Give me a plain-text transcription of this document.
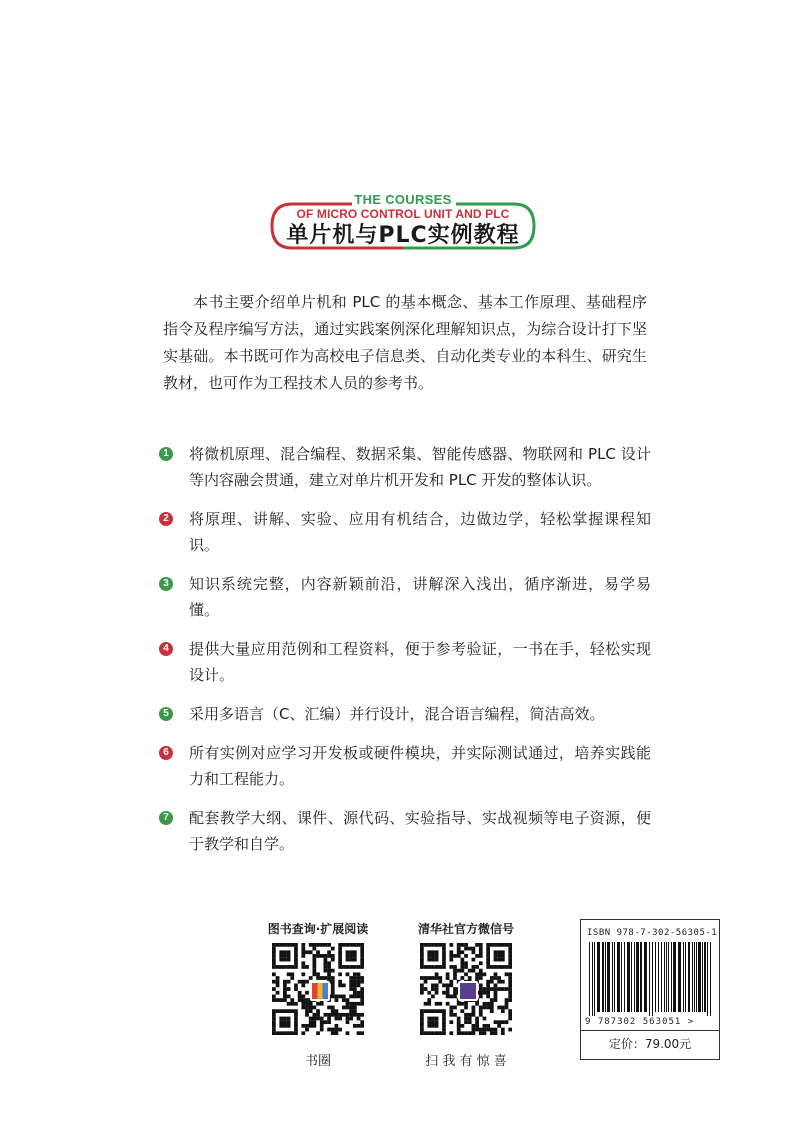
THE COURSES
OF MICRO CONTROL UNIT AND PLC
单片机与PLC实例教程

本书主要介绍单片机和 PLC 的基本概念、基本工作原理、基础程序指令及程序编写方法，通过实践案例深化理解知识点，为综合设计打下坚实基础。本书既可作为高校电子信息类、自动化类专业的本科生、研究生教材，也可作为工程技术人员的参考书。

1 将微机原理、混合编程、数据采集、智能传感器、物联网和 PLC 设计等内容融会贯通，建立对单片机开发和 PLC 开发的整体认识。
2 将原理、讲解、实验、应用有机结合，边做边学，轻松掌握课程知识。
3 知识系统完整，内容新颖前沿，讲解深入浅出，循序渐进，易学易懂。
4 提供大量应用范例和工程资料，便于参考验证，一书在手，轻松实现设计。
5 采用多语言（C、汇编）并行设计，混合语言编程，简洁高效。
6 所有实例对应学习开发板或硬件模块，并实际测试通过，培养实践能力和工程能力。
7 配套教学大纲、课件、源代码、实验指导、实战视频等电子资源，便于教学和自学。
图书查询·扩展阅读
书圈
清华社官方微信号
扫 我 有 惊 喜
ISBN 978-7-302-56305-1
9 787302 563051 >
定价：79.00元
